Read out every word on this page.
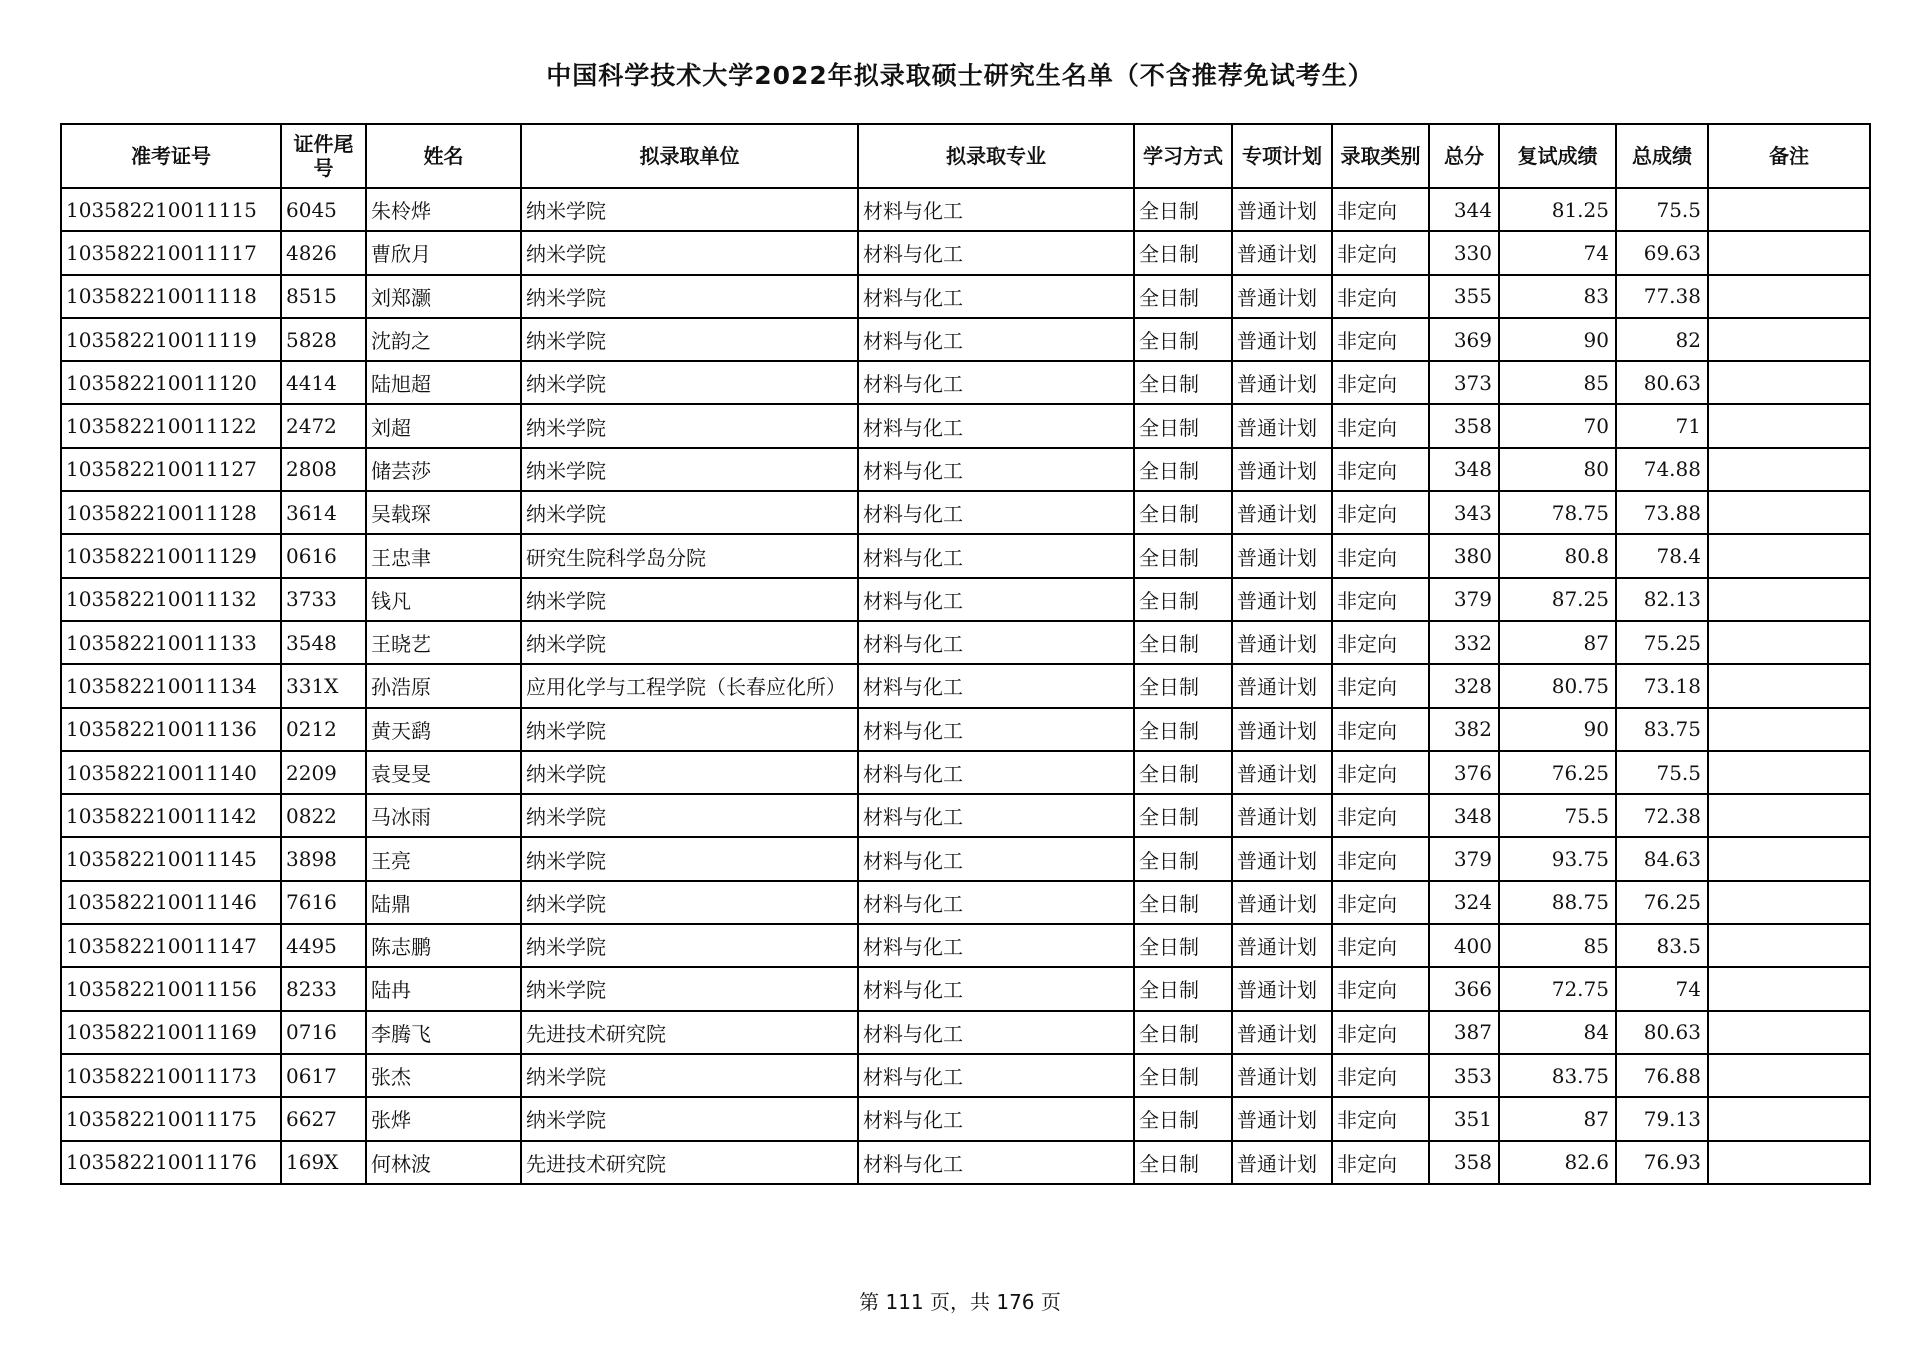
中国科学技术大学2022年拟录取硕士研究生名单（不含推荐免试考生）
准考证号	证件尾号	姓名	拟录取单位	拟录取专业	学习方式	专项计划	录取类别	总分	复试成绩	总成绩	备注
103582210011115	6045	朱柃烨	纳米学院	材料与化工	全日制	普通计划	非定向	344	81.25	75.5	
103582210011117	4826	曹欣月	纳米学院	材料与化工	全日制	普通计划	非定向	330	74	69.63	
103582210011118	8515	刘郑灏	纳米学院	材料与化工	全日制	普通计划	非定向	355	83	77.38	
103582210011119	5828	沈韵之	纳米学院	材料与化工	全日制	普通计划	非定向	369	90	82	
103582210011120	4414	陆旭超	纳米学院	材料与化工	全日制	普通计划	非定向	373	85	80.63	
103582210011122	2472	刘超	纳米学院	材料与化工	全日制	普通计划	非定向	358	70	71	
103582210011127	2808	储芸莎	纳米学院	材料与化工	全日制	普通计划	非定向	348	80	74.88	
103582210011128	3614	吴载琛	纳米学院	材料与化工	全日制	普通计划	非定向	343	78.75	73.88	
103582210011129	0616	王忠聿	研究生院科学岛分院	材料与化工	全日制	普通计划	非定向	380	80.8	78.4	
103582210011132	3733	钱凡	纳米学院	材料与化工	全日制	普通计划	非定向	379	87.25	82.13	
103582210011133	3548	王晓艺	纳米学院	材料与化工	全日制	普通计划	非定向	332	87	75.25	
103582210011134	331X	孙浩原	应用化学与工程学院（长春应化所）	材料与化工	全日制	普通计划	非定向	328	80.75	73.18	
103582210011136	0212	黄天鹞	纳米学院	材料与化工	全日制	普通计划	非定向	382	90	83.75	
103582210011140	2209	袁旻旻	纳米学院	材料与化工	全日制	普通计划	非定向	376	76.25	75.5	
103582210011142	0822	马冰雨	纳米学院	材料与化工	全日制	普通计划	非定向	348	75.5	72.38	
103582210011145	3898	王亮	纳米学院	材料与化工	全日制	普通计划	非定向	379	93.75	84.63	
103582210011146	7616	陆鼎	纳米学院	材料与化工	全日制	普通计划	非定向	324	88.75	76.25	
103582210011147	4495	陈志鹏	纳米学院	材料与化工	全日制	普通计划	非定向	400	85	83.5	
103582210011156	8233	陆冉	纳米学院	材料与化工	全日制	普通计划	非定向	366	72.75	74	
103582210011169	0716	李腾飞	先进技术研究院	材料与化工	全日制	普通计划	非定向	387	84	80.63	
103582210011173	0617	张杰	纳米学院	材料与化工	全日制	普通计划	非定向	353	83.75	76.88	
103582210011175	6627	张烨	纳米学院	材料与化工	全日制	普通计划	非定向	351	87	79.13	
103582210011176	169X	何林波	先进技术研究院	材料与化工	全日制	普通计划	非定向	358	82.6	76.93	
第 111 页，共 176 页
